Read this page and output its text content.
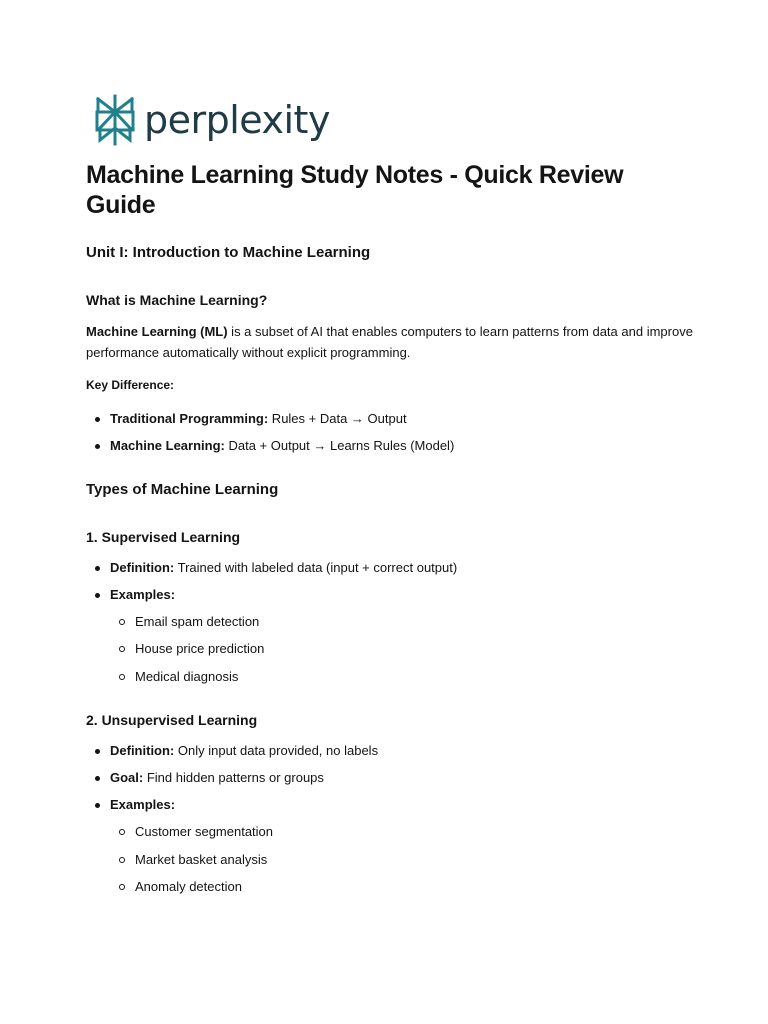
perplexity
Machine Learning Study Notes - Quick Review Guide
Unit I: Introduction to Machine Learning
What is Machine Learning?

Machine Learning (ML) is a subset of AI that enables computers to learn patterns from data and improve performance automatically without explicit programming.

Key Difference:

Traditional Programming: Rules + Data → Output
Machine Learning: Data + Output → Learns Rules (Model)
Types of Machine Learning
1. Supervised Learning
Definition: Trained with labeled data (input + correct output)
Examples:
Email spam detection
House price prediction
Medical diagnosis
2. Unsupervised Learning
Definition: Only input data provided, no labels
Goal: Find hidden patterns or groups
Examples:
Customer segmentation
Market basket analysis
Anomaly detection
